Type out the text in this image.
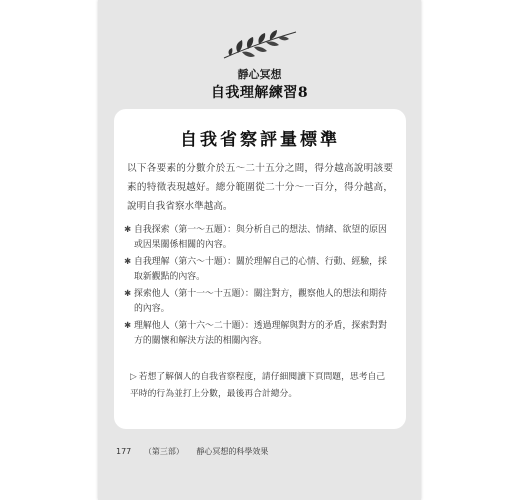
靜心冥想
自我理解練習8
自我省察評量標準
以下各要素的分數介於五～二十五分之間，得分越高說明該要素的特徵表現越好。總分範圍從二十分～一百分，得分越高，說明自我省察水準越高。
✱ 自我探索（第一～五題）：與分析自己的想法、情緒、欲望的原因或因果關係相關的內容。
✱ 自我理解（第六～十題）：關於理解自己的心情、行動、經驗，採取新觀點的內容。
✱ 探索他人（第十一～十五題）：關注對方，觀察他人的想法和期待的內容。
✱ 理解他人（第十六～二十題）：透過理解與對方的矛盾，探索對對方的關懷和解決方法的相關內容。
▷ 若想了解個人的自我省察程度，請仔細閱讀下頁問題，思考自己平時的行為並打上分數，最後再合計總分。
177 （第三部） 靜心冥想的科學效果
